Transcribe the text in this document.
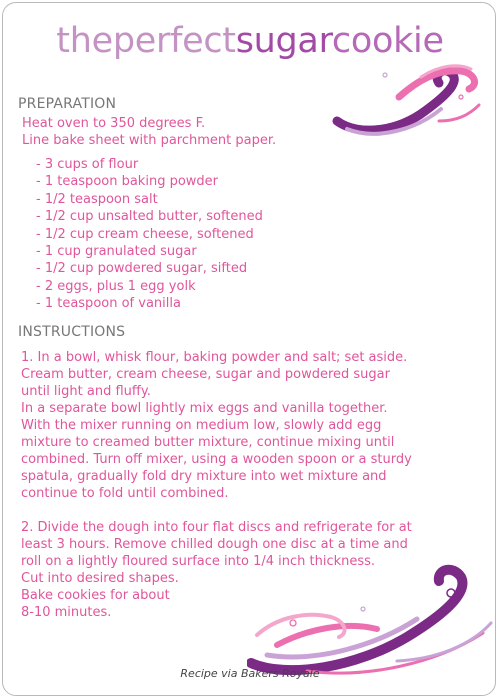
theperfectsugarcookie
PREPARATION
Heat oven to 350 degrees F.
Line bake sheet with parchment paper.
- 3 cups of flour
- 1 teaspoon baking powder
- 1/2 teaspoon salt
- 1/2 cup unsalted butter, softened
- 1/2 cup cream cheese, softened
- 1 cup granulated sugar
- 1/2 cup powdered sugar, sifted
- 2 eggs, plus 1 egg yolk
- 1 teaspoon of vanilla
INSTRUCTIONS

1. In a bowl, whisk flour, baking powder and salt; set aside.

Cream butter, cream cheese, sugar and powdered sugar

until light and fluffy.

In a separate bowl lightly mix eggs and vanilla together.

With the mixer running on medium low, slowly add egg

mixture to creamed butter mixture, continue mixing until

combined. Turn off mixer, using a wooden spoon or a sturdy

spatula, gradually fold dry mixture into wet mixture and

continue to fold until combined.

2. Divide the dough into four flat discs and refrigerate for at

least 3 hours. Remove chilled dough one disc at a time and

roll on a lightly floured surface into 1/4 inch thickness.

Cut into desired shapes.

Bake cookies for about

8-10 minutes.

Recipe via Bakers Royale
